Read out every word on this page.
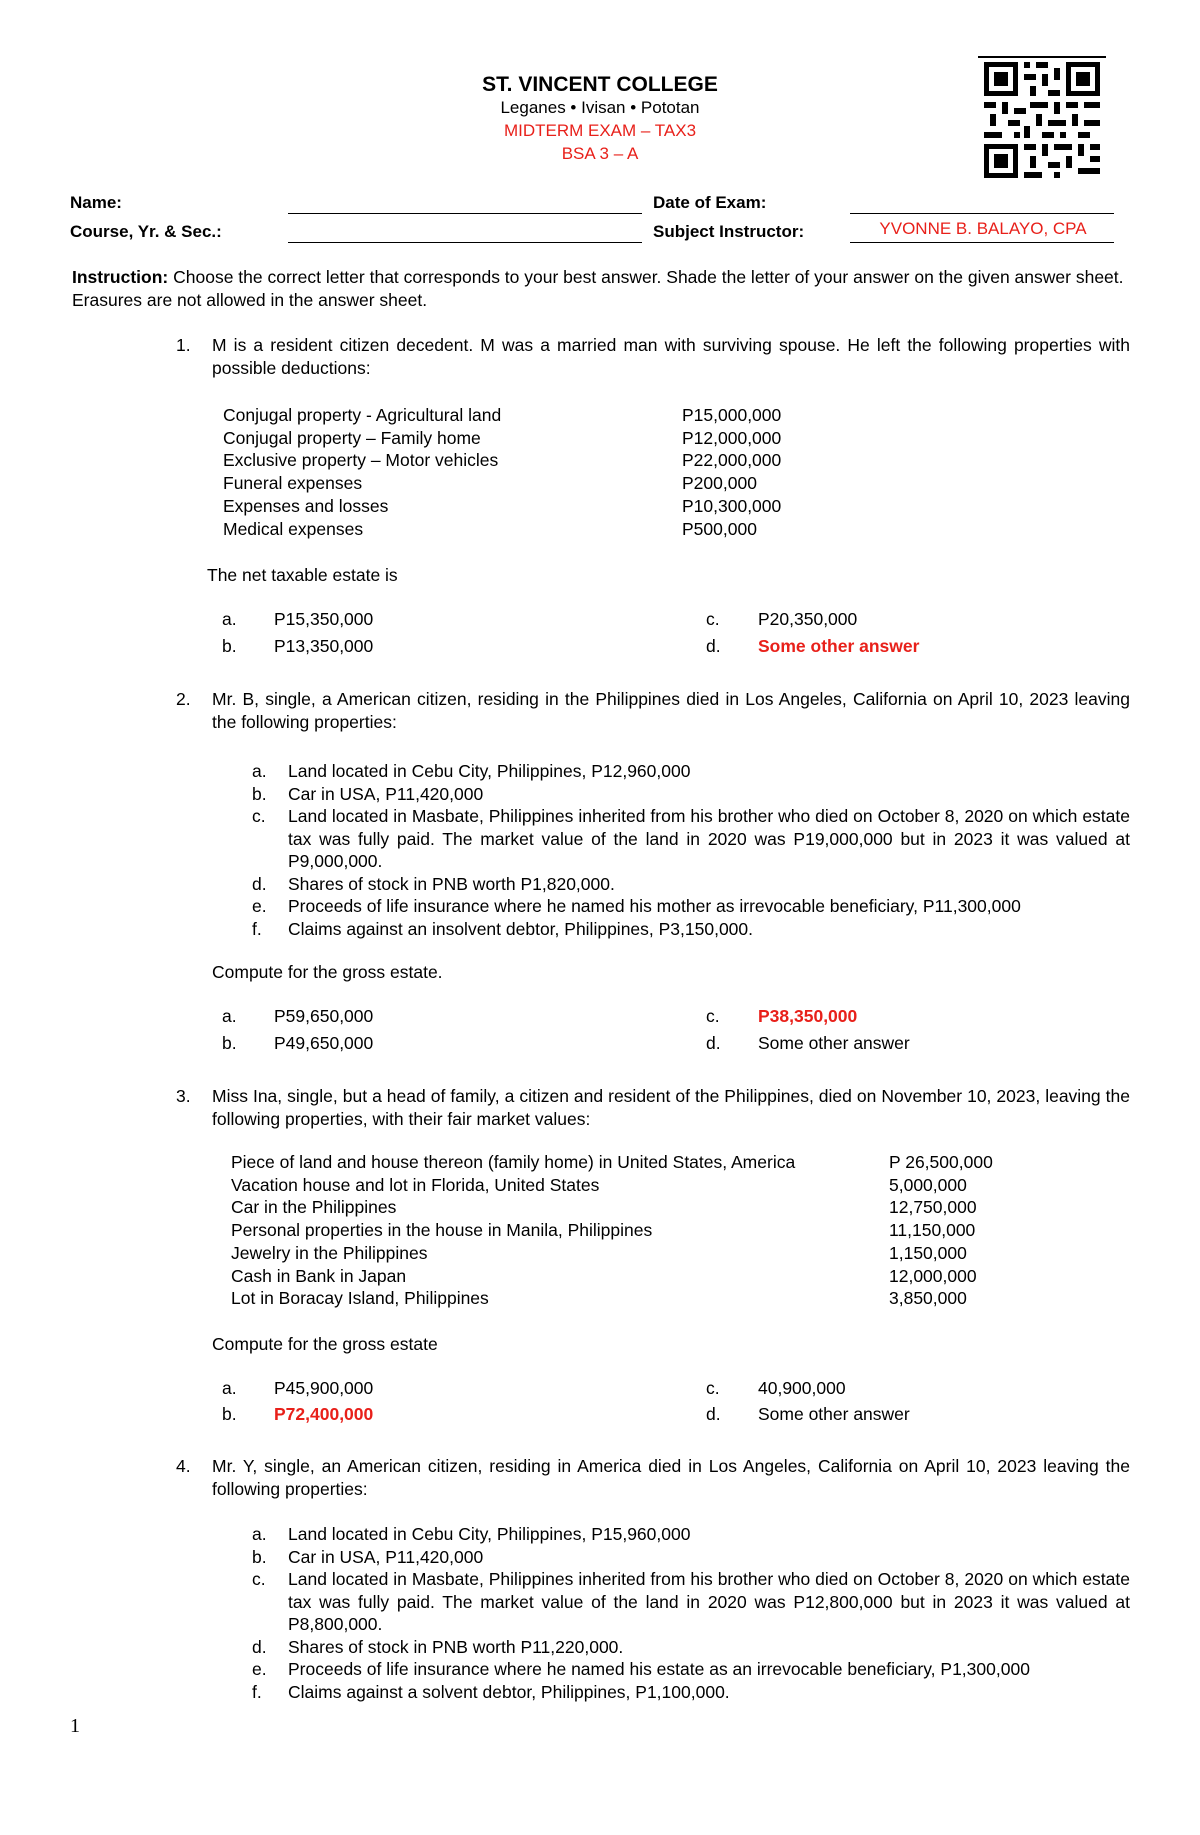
ST. VINCENT COLLEGE
Leganes • Ivisan • Pototan
MIDTERM EXAM – TAX3
BSA 3 – A
Name:	Date of Exam:
Course, Yr. & Sec.:	Subject Instructor:	YVONNE B. BALAYO, CPA
Instruction: Choose the correct letter that corresponds to your best answer. Shade the letter of your answer on the given answer sheet. Erasures are not allowed in the answer sheet.
1. M is a resident citizen decedent. M was a married man with surviving spouse. He left the following properties with possible deductions:
Conjugal property - Agricultural land	P15,000,000
Conjugal property – Family home	P12,000,000
Exclusive property – Motor vehicles	P22,000,000
Funeral expenses	P200,000
Expenses and losses	P10,300,000
Medical expenses	P500,000
The net taxable estate is
a. P15,350,000
b. P13,350,000
c. P20,350,000
d. Some other answer
2. Mr. B, single, a American citizen, residing in the Philippines died in Los Angeles, California on April 10, 2023 leaving the following properties:
a. Land located in Cebu City, Philippines, P12,960,000
b. Car in USA, P11,420,000
c. Land located in Masbate, Philippines inherited from his brother who died on October 8, 2020 on which estate tax was fully paid. The market value of the land in 2020 was P19,000,000 but in 2023 it was valued at P9,000,000.
d. Shares of stock in PNB worth P1,820,000.
e. Proceeds of life insurance where he named his mother as irrevocable beneficiary, P11,300,000
f. Claims against an insolvent debtor, Philippines, P3,150,000.
Compute for the gross estate.
a. P59,650,000
b. P49,650,000
c. P38,350,000
d. Some other answer
3. Miss Ina, single, but a head of family, a citizen and resident of the Philippines, died on November 10, 2023, leaving the following properties, with their fair market values:
Piece of land and house thereon (family home) in United States, America	P 26,500,000
Vacation house and lot in Florida, United States	5,000,000
Car in the Philippines	12,750,000
Personal properties in the house in Manila, Philippines	11,150,000
Jewelry in the Philippines	1,150,000
Cash in Bank in Japan	12,000,000
Lot in Boracay Island, Philippines	3,850,000
Compute for the gross estate
a. P45,900,000
b. P72,400,000
c. 40,900,000
d. Some other answer
4. Mr. Y, single, an American citizen, residing in America died in Los Angeles, California on April 10, 2023 leaving the following properties:
a. Land located in Cebu City, Philippines, P15,960,000
b. Car in USA, P11,420,000
c. Land located in Masbate, Philippines inherited from his brother who died on October 8, 2020 on which estate tax was fully paid. The market value of the land in 2020 was P12,800,000 but in 2023 it was valued at P8,800,000.
d. Shares of stock in PNB worth P11,220,000.
e. Proceeds of life insurance where he named his estate as an irrevocable beneficiary, P1,300,000
f. Claims against a solvent debtor, Philippines, P1,100,000.
1
